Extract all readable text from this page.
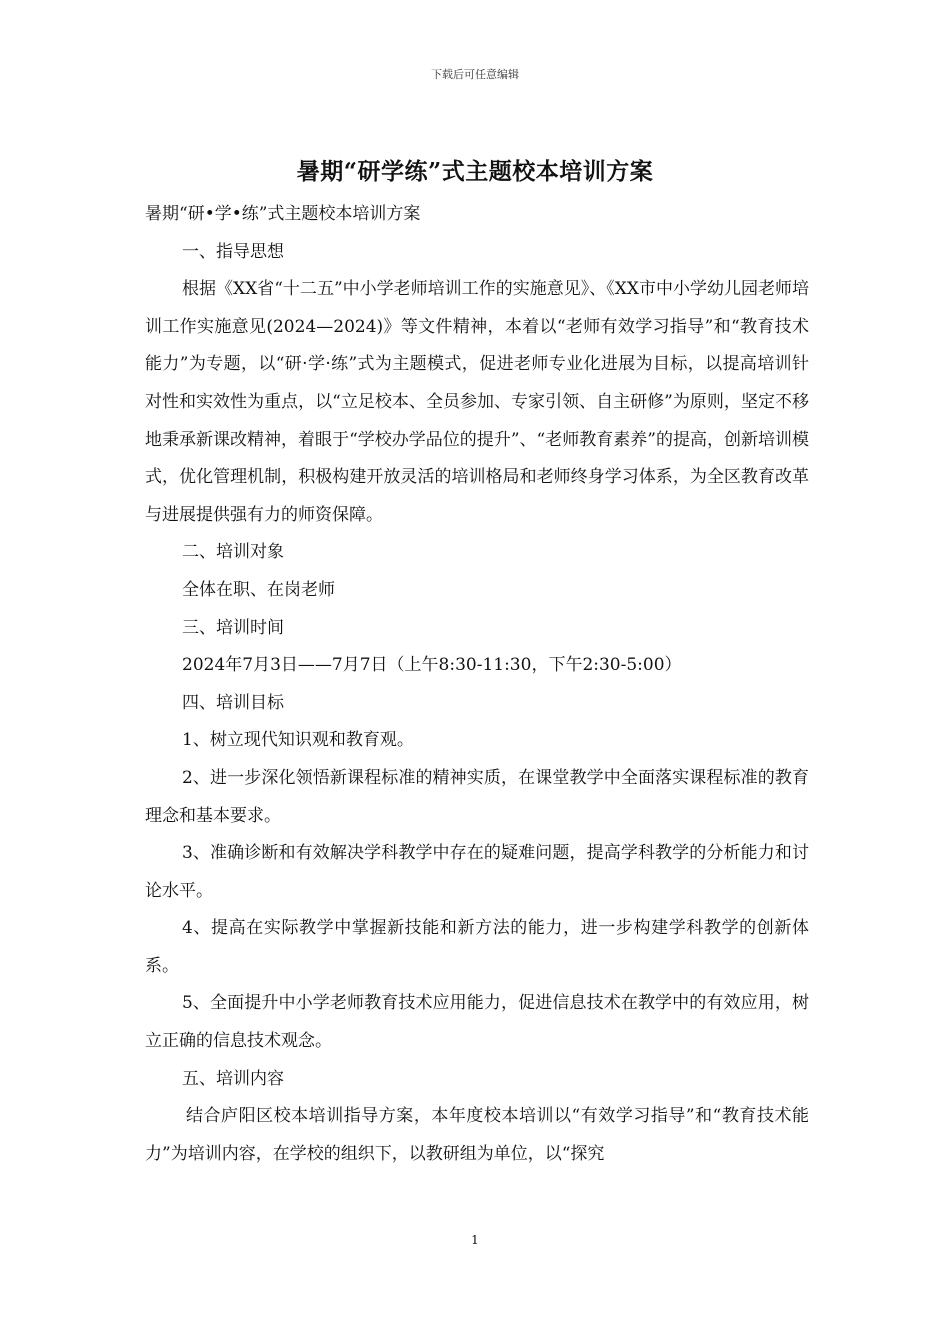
下载后可任意编辑
暑期“研学练”式主题校本培训方案

暑期“研•学•练”式主题校本培训方案

一、指导思想

根据《XX省“十二五”中小学老师培训工作的实施意见》、《XX市中小学幼儿园老师培训工作实施意见(2024—2024)》等文件精神，本着以“老师有效学习指导”和“教育技术能力”为专题，以“研·学·练”式为主题模式，促进老师专业化进展为目标，以提高培训针对性和实效性为重点，以“立足校本、全员参加、专家引领、自主研修”为原则，坚定不移地秉承新课改精神，着眼于“学校办学品位的提升”、“老师教育素养”的提高，创新培训模式，优化管理机制，积极构建开放灵活的培训格局和老师终身学习体系，为全区教育改革与进展提供强有力的师资保障。

二、培训对象

全体在职、在岗老师

三、培训时间

2024年7月3日——7月7日（上午8:30-11:30，下午2:30-5:00）

四、培训目标

1、树立现代知识观和教育观。

2、进一步深化领悟新课程标准的精神实质，在课堂教学中全面落实课程标准的教育理念和基本要求。

3、准确诊断和有效解决学科教学中存在的疑难问题，提高学科教学的分析能力和讨论水平。

4、提高在实际教学中掌握新技能和新方法的能力，进一步构建学科教学的创新体系。

5、全面提升中小学老师教育技术应用能力，促进信息技术在教学中的有效应用，树立正确的信息技术观念。

五、培训内容

结合庐阳区校本培训指导方案，本年度校本培训以“有效学习指导”和“教育技术能力”为培训内容，在学校的组织下，以教研组为单位，以“探究

1
